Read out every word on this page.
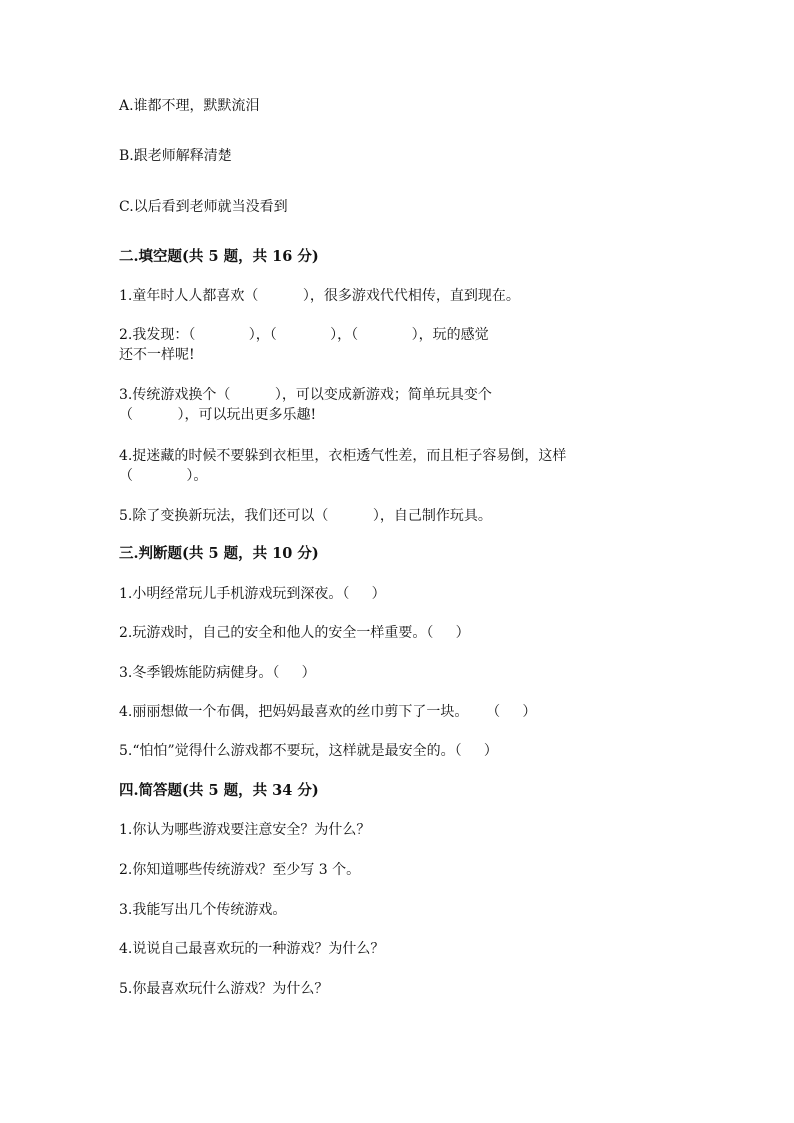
A.谁都不理，默默流泪
B.跟老师解释清楚
C.以后看到老师就当没看到
二.填空题(共 5 题，共 16 分)
1.童年时人人都喜欢（          ），很多游戏代代相传，直到现在。
2.我发现：（            ），（            ），（            ），玩的感觉
还不一样呢!
3.传统游戏换个（          ），可以变成新游戏；简单玩具变个
（          ），可以玩出更多乐趣!
4.捉迷藏的时候不要躲到衣柜里，衣柜透气性差，而且柜子容易倒，这样
（            ）。
5.除了变换新玩法，我们还可以（          ），自己制作玩具。
三.判断题(共 5 题，共 10 分)
1.小明经常玩儿手机游戏玩到深夜。（     ）
2.玩游戏时，自己的安全和他人的安全一样重要。（     ）
3.冬季锻炼能防病健身。（     ）
4.丽丽想做一个布偶，把妈妈最喜欢的丝巾剪下了一块。    （     ）
5.“怕怕”觉得什么游戏都不要玩，这样就是最安全的。（     ）
四.简答题(共 5 题，共 34 分)
1.你认为哪些游戏要注意安全？为什么？
2.你知道哪些传统游戏？至少写 3 个。
3.我能写出几个传统游戏。
4.说说自己最喜欢玩的一种游戏？为什么？
5.你最喜欢玩什么游戏？为什么？
